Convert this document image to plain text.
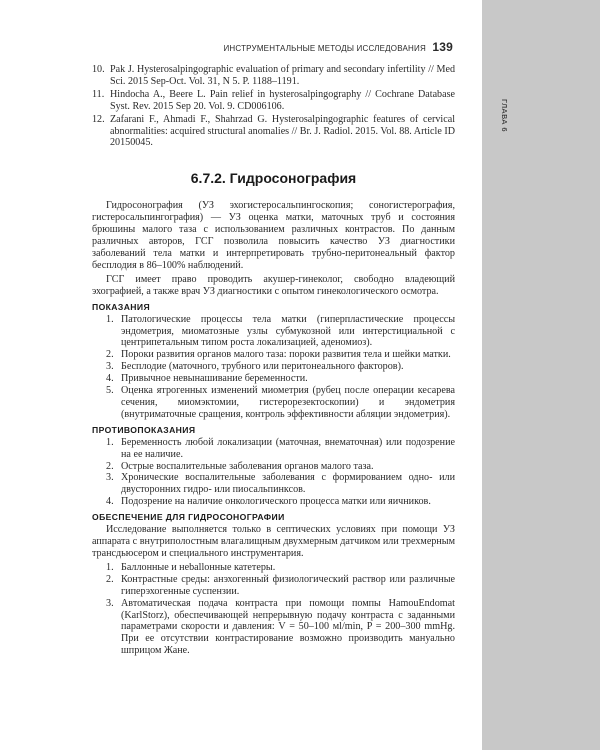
ГЛАВА 6
ИНСТРУМЕНТАЛЬНЫЕ МЕТОДЫ ИССЛЕДОВАНИЯ 139
10. Pak J. Hysterosalpingographic evaluation of primary and secondary infertility // Med Sci. 2015 Sep-Oct. Vol. 31, N 5. P. 1188–1191.
11. Hindocha A., Beere L. Pain relief in hysterosalpingography // Cochrane Database Syst. Rev. 2015 Sep 20. Vol. 9. CD006106.
12. Zafarani F., Ahmadi F., Shahrzad G. Hysterosalpingographic features of cervical abnormalities: acquired structural anomalies // Br. J. Radiol. 2015. Vol. 88. Article ID 20150045.
6.7.2. Гидросонография

Гидросонография (УЗ эхогистеросальпингоскопия; соногистерография, гистеросальпингография) — УЗ оценка матки, маточных труб и состояния брюшины малого таза с использованием различных контрастов. По данным различных авторов, ГСГ позволила повысить качество УЗ диагностики заболеваний тела матки и интерпретировать трубно-перитонеальный фактор бесплодия в 86–100% наблюдений.

ГСГ имеет право проводить акушер-гинеколог, свободно владеющий эхографией, а также врач УЗ диагностики с опытом гинекологического осмотра.

ПОКАЗАНИЯ
1. Патологические процессы тела матки (гиперпластические процессы эндометрия, миоматозные узлы субмукозной или интерстициальной с центрипетальным типом роста локализацией, аденомиоз).
2. Пороки развития органов малого таза: пороки развития тела и шейки матки.
3. Бесплодие (маточного, трубного или перитонеального факторов).
4. Привычное невынашивание беременности.
5. Оценка ятрогенных изменений миометрия (рубец после операции кесарева сечения, миомэктомии, гистерорезектоскопии) и эндометрия (внутриматочные сращения, контроль эффективности абляции эндометрия).
ПРОТИВОПОКАЗАНИЯ
1. Беременность любой локализации (маточная, внематочная) или подозрение на ее наличие.
2. Острые воспалительные заболевания органов малого таза.
3. Хронические воспалительные заболевания с формированием одно- или двусторонних гидро- или пиосальпинксов.
4. Подозрение на наличие онкологического процесса матки или яичников.
ОБЕСПЕЧЕНИЕ ДЛЯ ГИДРОСОНОГРАФИИ

Исследование выполняется только в септических условиях при помощи УЗ аппарата с внутриполостным влагалищным двухмерным датчиком или трехмерным трансдьюсером и специального инструментария.

1. Баллонные и неballонные катетеры.
2. Контрастные среды: анэхогенный физиологический раствор или различные гиперэхогенные суспензии.
3. Автоматическая подача контраста при помощи помпы HamouEndomat (KarlStorz), обеспечивающей непрерывную подачу контраста с заданными параметрами скорости и давления: V = 50–100 мl/min, P = 200–300 mmHg. При ее отсутствии контрастирование возможно производить мануально шприцом Жане.
